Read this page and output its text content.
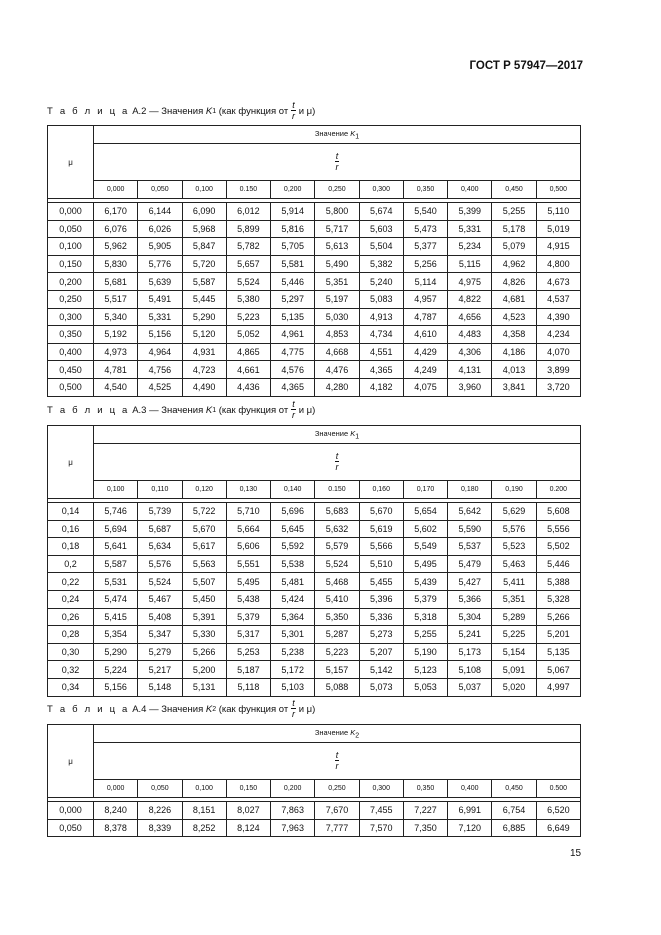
ГОСТ Р 57947—2017
Т а б л и ц а
А.2 — Значения
K 1
(как функция от $\frac{t}{r}$ и μ)
μ	Значение $K_1$

	$\frac{t}{r}$

	0,000	0,050	0,100	0.150	0,200	0,250	0,300	0,350	0,400	0,450	0,500

0,000	6,170	6,144	6,090	6,012	5,914	5,800	5,674	5,540	5,399	5,255	5,110
0,050	6,076	6,026	5,968	5,899	5,816	5,717	5,603	5,473	5,331	5,178	5,019
0,100	5,962	5,905	5,847	5,782	5,705	5,613	5,504	5,377	5,234	5,079	4,915
0,150	5,830	5,776	5,720	5,657	5,581	5,490	5,382	5,256	5,115	4,962	4,800
0,200	5,681	5,639	5,587	5,524	5,446	5,351	5,240	5,114	4,975	4,826	4,673
0,250	5,517	5,491	5,445	5,380	5,297	5,197	5,083	4,957	4,822	4,681	4,537
0,300	5,340	5,331	5,290	5,223	5,135	5,030	4,913	4,787	4,656	4,523	4,390
0,350	5,192	5,156	5,120	5,052	4,961	4,853	4,734	4,610	4,483	4,358	4,234
0,400	4,973	4,964	4,931	4,865	4,775	4,668	4,551	4,429	4,306	4,186	4,070
0,450	4,781	4,756	4,723	4,661	4,576	4,476	4,365	4,249	4,131	4,013	3,899
0,500	4,540	4,525	4,490	4,436	4,365	4,280	4,182	4,075	3,960	3,841	3,720
Т а б л и ц а
А.3 — Значения
K 1
(как функция от $\frac{t}{r}$ и μ)
μ	Значение $K_1$

	$\frac{t}{r}$

	0,100	0,110	0,120	0,130	0,140	0.150	0,160	0,170	0,180	0,190	0.200

0,14	5,746	5,739	5,722	5,710	5,696	5,683	5,670	5,654	5,642	5,629	5,608
0,16	5,694	5,687	5,670	5,664	5,645	5,632	5,619	5,602	5,590	5,576	5,556
0,18	5,641	5,634	5,617	5,606	5,592	5,579	5,566	5,549	5,537	5,523	5,502
0,2	5,587	5,576	5,563	5,551	5,538	5,524	5,510	5,495	5,479	5,463	5,446
0,22	5,531	5,524	5,507	5,495	5,481	5,468	5,455	5,439	5,427	5,411	5,388
0,24	5,474	5,467	5,450	5,438	5,424	5,410	5,396	5,379	5,366	5,351	5,328
0,26	5,415	5,408	5,391	5,379	5,364	5,350	5,336	5,318	5,304	5,289	5,266
0,28	5,354	5,347	5,330	5,317	5,301	5,287	5,273	5,255	5,241	5,225	5,201
0,30	5,290	5,279	5,266	5,253	5,238	5,223	5,207	5,190	5,173	5,154	5,135
0,32	5,224	5,217	5,200	5,187	5,172	5,157	5,142	5,123	5,108	5,091	5,067
0,34	5,156	5,148	5,131	5,118	5,103	5,088	5,073	5,053	5,037	5,020	4,997
Т а б л и ц а
А.4 — Значения
K 2
(как функция от $\frac{t}{r}$ и μ)
μ	Значение $K_2$

	$\frac{t}{r}$

	0,000	0,050	0,100	0,150	0,200	0,250	0,300	0,350	0,400	0,450	0.500

0,000	8,240	8,226	8,151	8,027	7,863	7,670	7,455	7,227	6,991	6,754	6,520
0,050	8,378	8,339	8,252	8,124	7,963	7,777	7,570	7,350	7,120	6,885	6,649
15
